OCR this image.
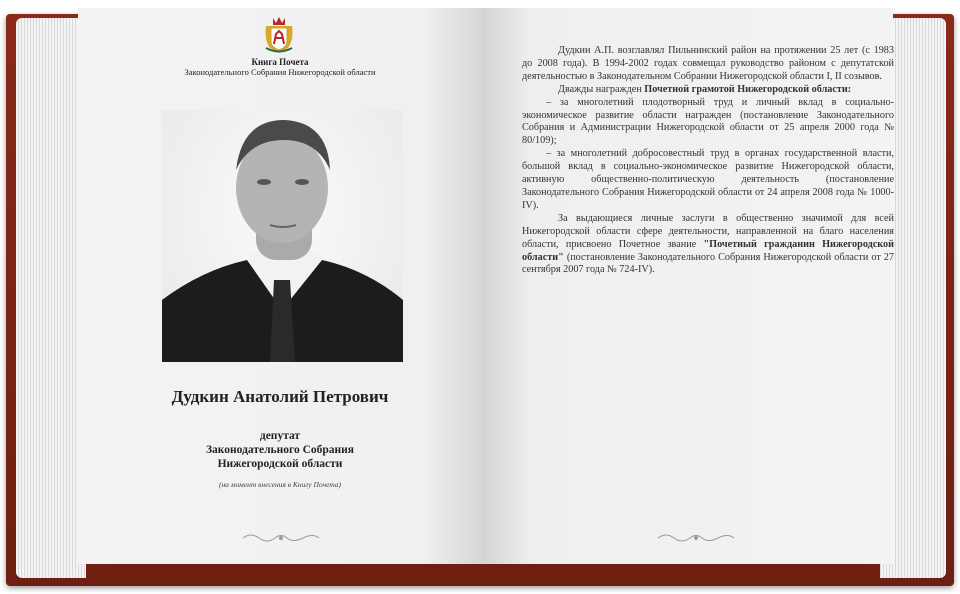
Книга Почета
Законодательного Собрания Нижегородской области
Дудкин Анатолий Петрович
депутат
Законодательного Собрания
Нижегородской области
(на момент внесения в Книгу Почета)

Дудкин А.П. возглавлял Пильнинский район на протяжении 25 лет (с 1983 до 2008 года). В 1994-2002 годах совмещал руководство районом с депутатской деятельностью в Законодательном Собрании Нижегородской области I, II созывов.

Дважды награжден Почетной грамотой Нижегородской области:

– за многолетний плодотворный труд и личный вклад в социально-экономическое развитие области награжден (постановление Законодательного Собрания и Администрации Нижегородской области от 25 апреля 2000 года № 80/109);

– за многолетний добросовестный труд в органах государственной власти, большой вклад в социально-экономическое развитие Нижегородской области, активную общественно-политическую деятельность (постановление Законодательного Собрания Нижегородской области от 24 апреля 2008 года № 1000-IV).

За выдающиеся личные заслуги в общественно значимой для всей Нижегородской области сфере деятельности, направленной на благо населения области, присвоено Почетное звание "Почетный гражданин Нижегородской области" (постановление Законодательного Собрания Нижегородской области от 27 сентября 2007 года № 724-IV).
